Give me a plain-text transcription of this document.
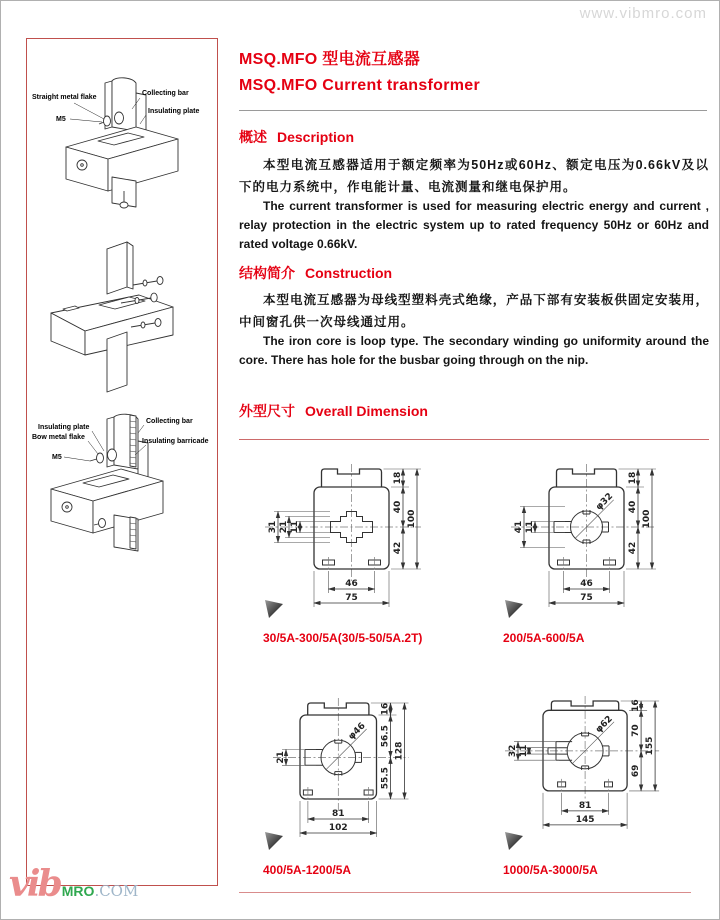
www.vibmro.com
Straight metal flake
M5
Collecting bar
Insulating plate
Insulating plate
Bow metal flake
M5
Collecting bar
Insulating barricade
MSQ.MFO 型电流互感器
MSQ.MFO Current transformer
概述 Description

本型电流互感器适用于额定频率为50Hz或60Hz、额定电压为0.66kV及以下的电力系统中，作电能计量、电流测量和继电保护用。

The current transformer is used for measuring electric energy and current , relay protection in the electric system up to rated frequency 50Hz or 60Hz and rated voltage 0.66kV.

结构简介 Construction

本型电流互感器为母线型塑料壳式绝缘，产品下部有安装板供固定安装用，中间窗孔供一次母线通过用。

The iron core is loop type. The secondary winding go uniformity around the core. There has hole for the busbar going through on the nip.

外型尺寸 Overall Dimension
18
40
42
100
31 21 11
46
75
φ32
18
40
42
100
41 11
46
75
φ46
16
56.5
55.5
128
21
81
102
φ62
16
70
69
155
32 11
81
145
30/5A-300/5A(30/5-50/5A.2T)	200/5A-600/5A
400/5A-1200/5A	1000/5A-3000/5A
vib MRO.COM
